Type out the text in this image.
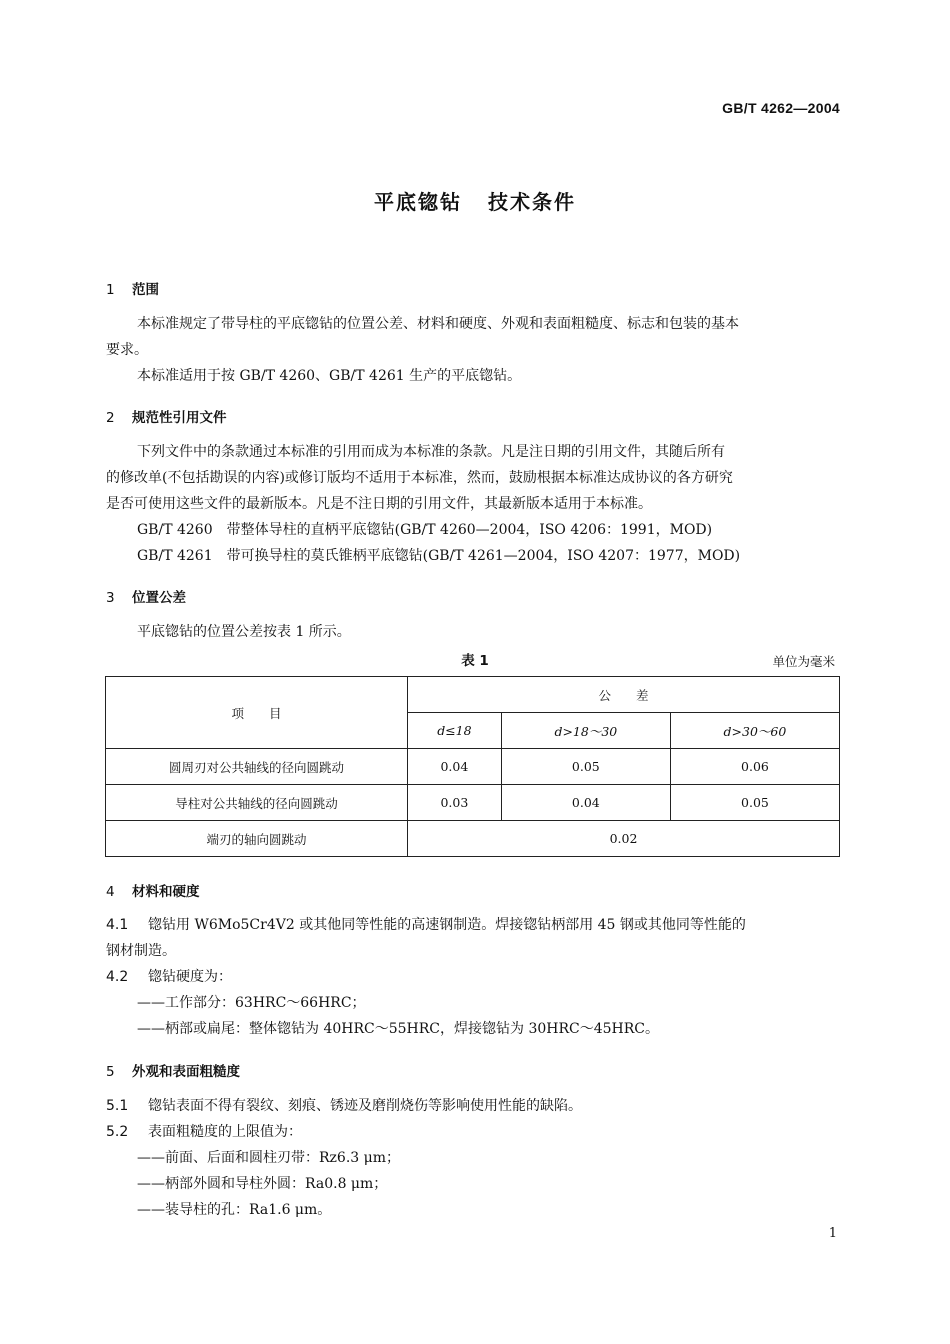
GB/T 4262—2004
平底锪钻 技术条件
1 范围
本标准规定了带导柱的平底锪钻的位置公差、材料和硬度、外观和表面粗糙度、标志和包装的基本
要求。
本标准适用于按 GB/T 4260、GB/T 4261 生产的平底锪钻。
2 规范性引用文件
下列文件中的条款通过本标准的引用而成为本标准的条款。凡是注日期的引用文件，其随后所有
的修改单(不包括勘误的内容)或修订版均不适用于本标准，然而，鼓励根据本标准达成协议的各方研究
是否可使用这些文件的最新版本。凡是不注日期的引用文件，其最新版本适用于本标准。
GB/T 4260　带整体导柱的直柄平底锪钻(GB/T 4260—2004，ISO 4206：1991，MOD)
GB/T 4261　带可换导柱的莫氏锥柄平底锪钻(GB/T 4261—2004，ISO 4207：1977，MOD)
3 位置公差
平底锪钻的位置公差按表 1 所示。
表 1	单位为毫米
项　　目	公　　差		
	d≤18	d>18～30	d>30～60
圆周刃对公共轴线的径向圆跳动	0.04	0.05	0.06
导柱对公共轴线的径向圆跳动	0.03	0.04	0.05
端刃的轴向圆跳动	0.02		
4 材料和硬度
4.1 锪钻用 W6Mo5Cr4V2 或其他同等性能的高速钢制造。焊接锪钻柄部用 45 钢或其他同等性能的
钢材制造。
4.2 锪钻硬度为：
——工作部分：63HRC～66HRC；
——柄部或扁尾：整体锪钻为 40HRC～55HRC，焊接锪钻为 30HRC～45HRC。
5 外观和表面粗糙度
5.1 锪钻表面不得有裂纹、刻痕、锈迹及磨削烧伤等影响使用性能的缺陷。
5.2 表面粗糙度的上限值为：
——前面、后面和圆柱刃带：Rz6.3 μm；
——柄部外圆和导柱外圆：Ra0.8 μm；
——装导柱的孔：Ra1.6 μm。
1
